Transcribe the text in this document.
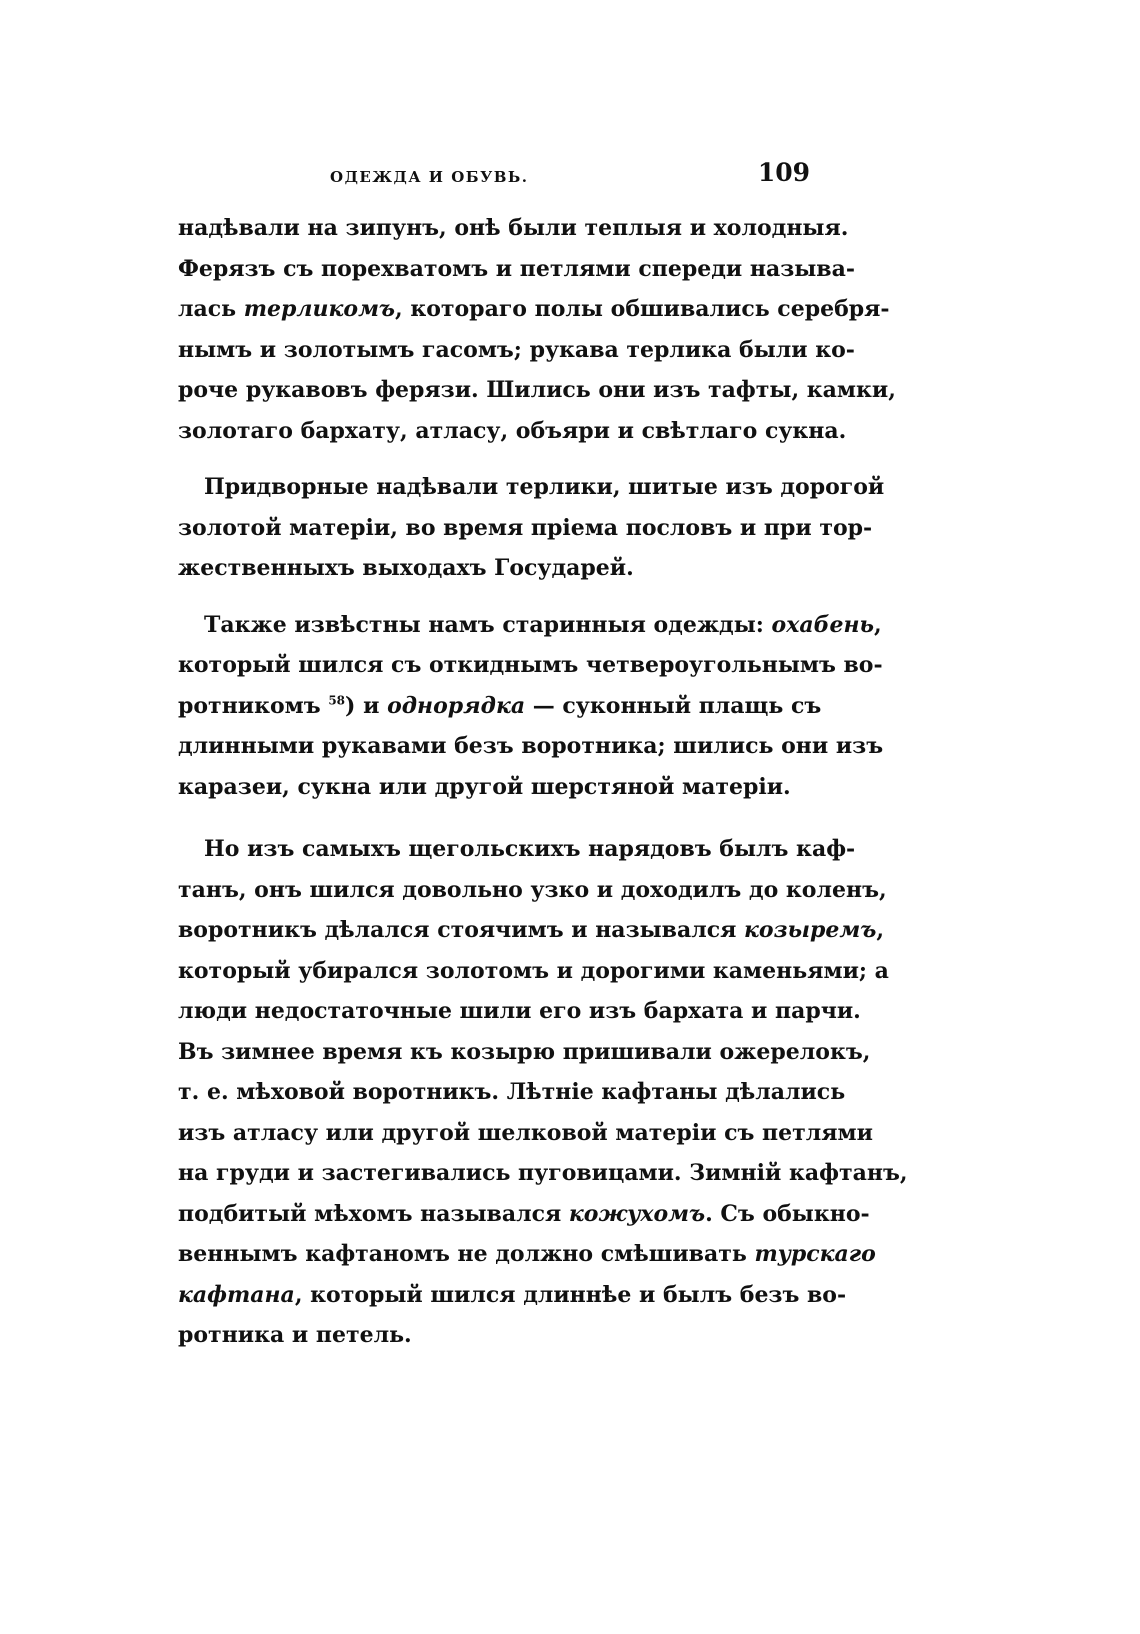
ОДЕЖДА И ОБУВЬ.	109
надѣвали на зипунъ, онѣ были теплыя и холодныя.
Ферязъ съ порехватомъ и петлями спереди называ-
лась терликомъ, котораго полы обшивались серебря-
нымъ и золотымъ гасомъ; рукава терлика были ко-
роче рукавовъ ферязи. Шились они изъ тафты, камки,
золотаго бархату, атласу, объяри и свѣтлаго сукна.
Придворные надѣвали терлики, шитые изъ дорогой
золотой матеріи, во время пріема пословъ и при тор-
жественныхъ выходахъ Государей.
Также извѣстны намъ старинныя одежды: охабень,
который шился съ откиднымъ четвероугольнымъ во-
ротникомъ $^{58}$) и однорядка — суконный плащь съ
длинными рукавами безъ воротника; шились они изъ
каразеи, сукна или другой шерстяной матеріи.
Но изъ самыхъ щегольскихъ нарядовъ былъ каф-
танъ, онъ шился довольно узко и доходилъ до коленъ,
воротникъ дѣлался стоячимъ и назывался козыремъ,
который убирался золотомъ и дорогими каменьями; а
люди недостаточные шили его изъ бархата и парчи.
Въ зимнее время къ козырю пришивали ожерелокъ,
т. е. мѣховой воротникъ. Лѣтніе кафтаны дѣлались
изъ атласу или другой шелковой матеріи съ петлями
на груди и застегивались пуговицами. Зимній кафтанъ,
подбитый мѣхомъ назывался кожухомъ. Съ обыкно-
веннымъ кафтаномъ не должно смѣшивать турскаго
кафтана, который шился длиннѣе и былъ безъ во-
ротника и петель.
